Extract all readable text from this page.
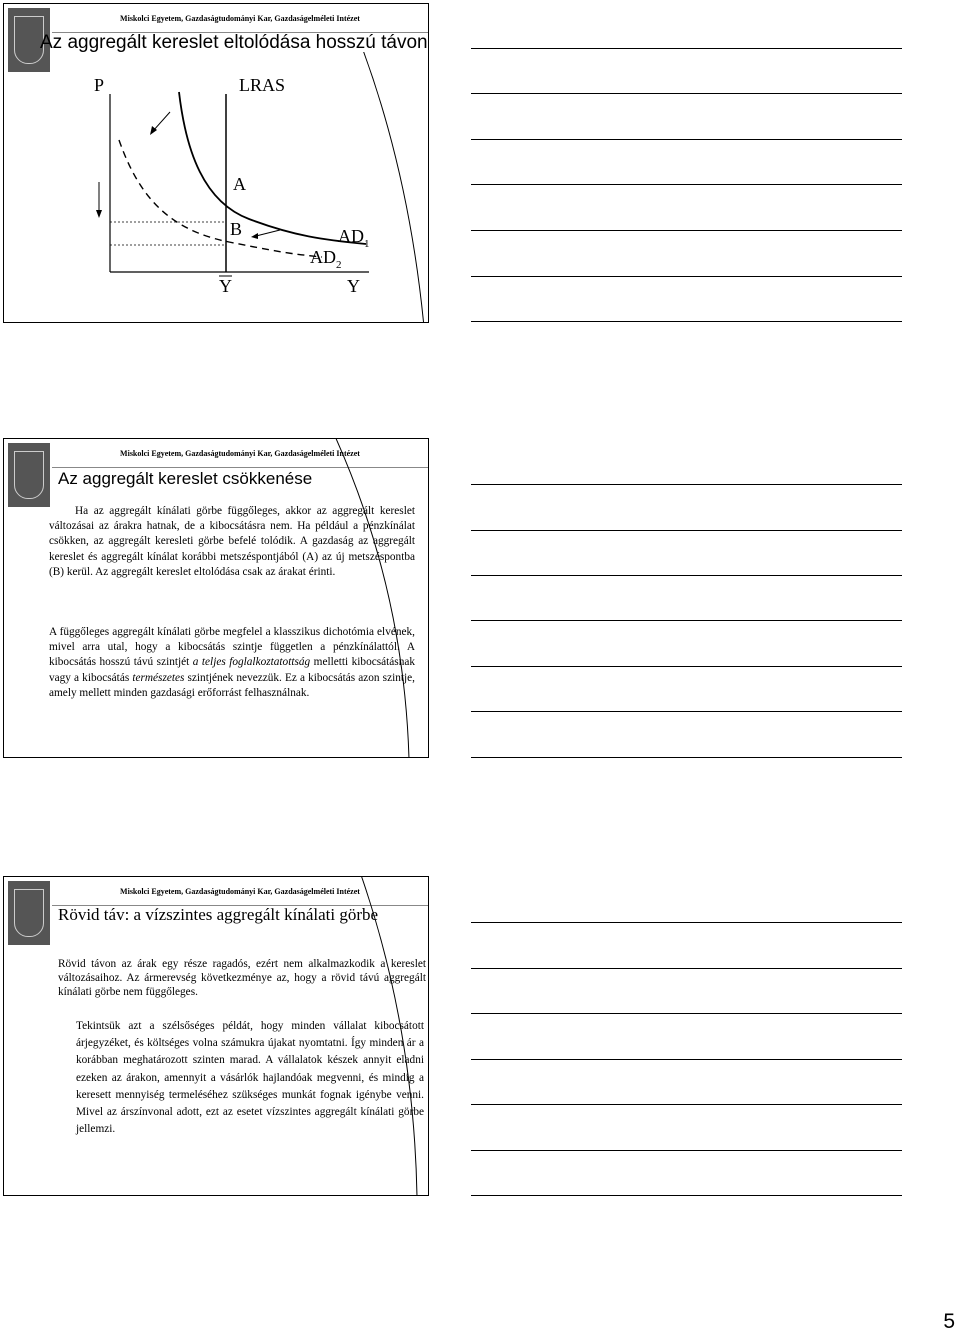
Miskolci Egyetem, Gazdaságtudományi Kar, Gazdaságelméleti Intézet
Az aggregált kereslet eltolódása hosszú távon
P	LRAS
A
B	$AD_1$
$AD_2$
Y	Y
Miskolci Egyetem, Gazdaságtudományi Kar, Gazdaságelméleti Intézet
Az aggregált kereslet csökkenése
Ha az aggregált kínálati görbe függőleges, akkor az aggregált kereslet változásai az árakra hatnak, de a kibocsátásra nem. Ha például a pénzkínálat csökken, az aggregált keresleti görbe befelé tolódik. A gazdaság az aggregált kereslet és aggregált kínálat korábbi metszéspontjából (A) az új metszéspontba (B) kerül. Az aggregált kereslet eltolódása csak az árakat érinti.
A függőleges aggregált kínálati görbe megfelel a klasszikus dichotómia elvének, mivel arra utal, hogy a kibocsátás szintje független a pénzkínálattól. A kibocsátás hosszú távú szintjét a teljes foglalkoztatottság melletti kibocsátásnak vagy a kibocsátás természetes szintjének nevezzük. Ez a kibocsátás azon szintje, amely mellett minden gazdasági erőforrást felhasználnak.
Miskolci Egyetem, Gazdaságtudományi Kar, Gazdaságelméleti Intézet
Rövid táv: a vízszintes aggregált kínálati görbe
Rövid távon az árak egy része ragadós, ezért nem alkalmazkodik a kereslet változásaihoz. Az ármerevség következménye az, hogy a rövid távú aggregált kínálati görbe nem függőleges.
Tekintsük azt a szélsőséges példát, hogy minden vállalat kibocsátott árjegyzéket, és költséges volna számukra újakat nyomtatni. Így minden ár a korábban meghatározott szinten marad. A vállalatok készek annyit eladni ezeken az árakon, amennyit a vásárlók hajlandóak megvenni, és mindig a keresett mennyiség termeléséhez szükséges munkát fognak igénybe venni. Mivel az árszínvonal adott, ezt az esetet vízszintes aggregált kínálati görbe jellemzi.
5
